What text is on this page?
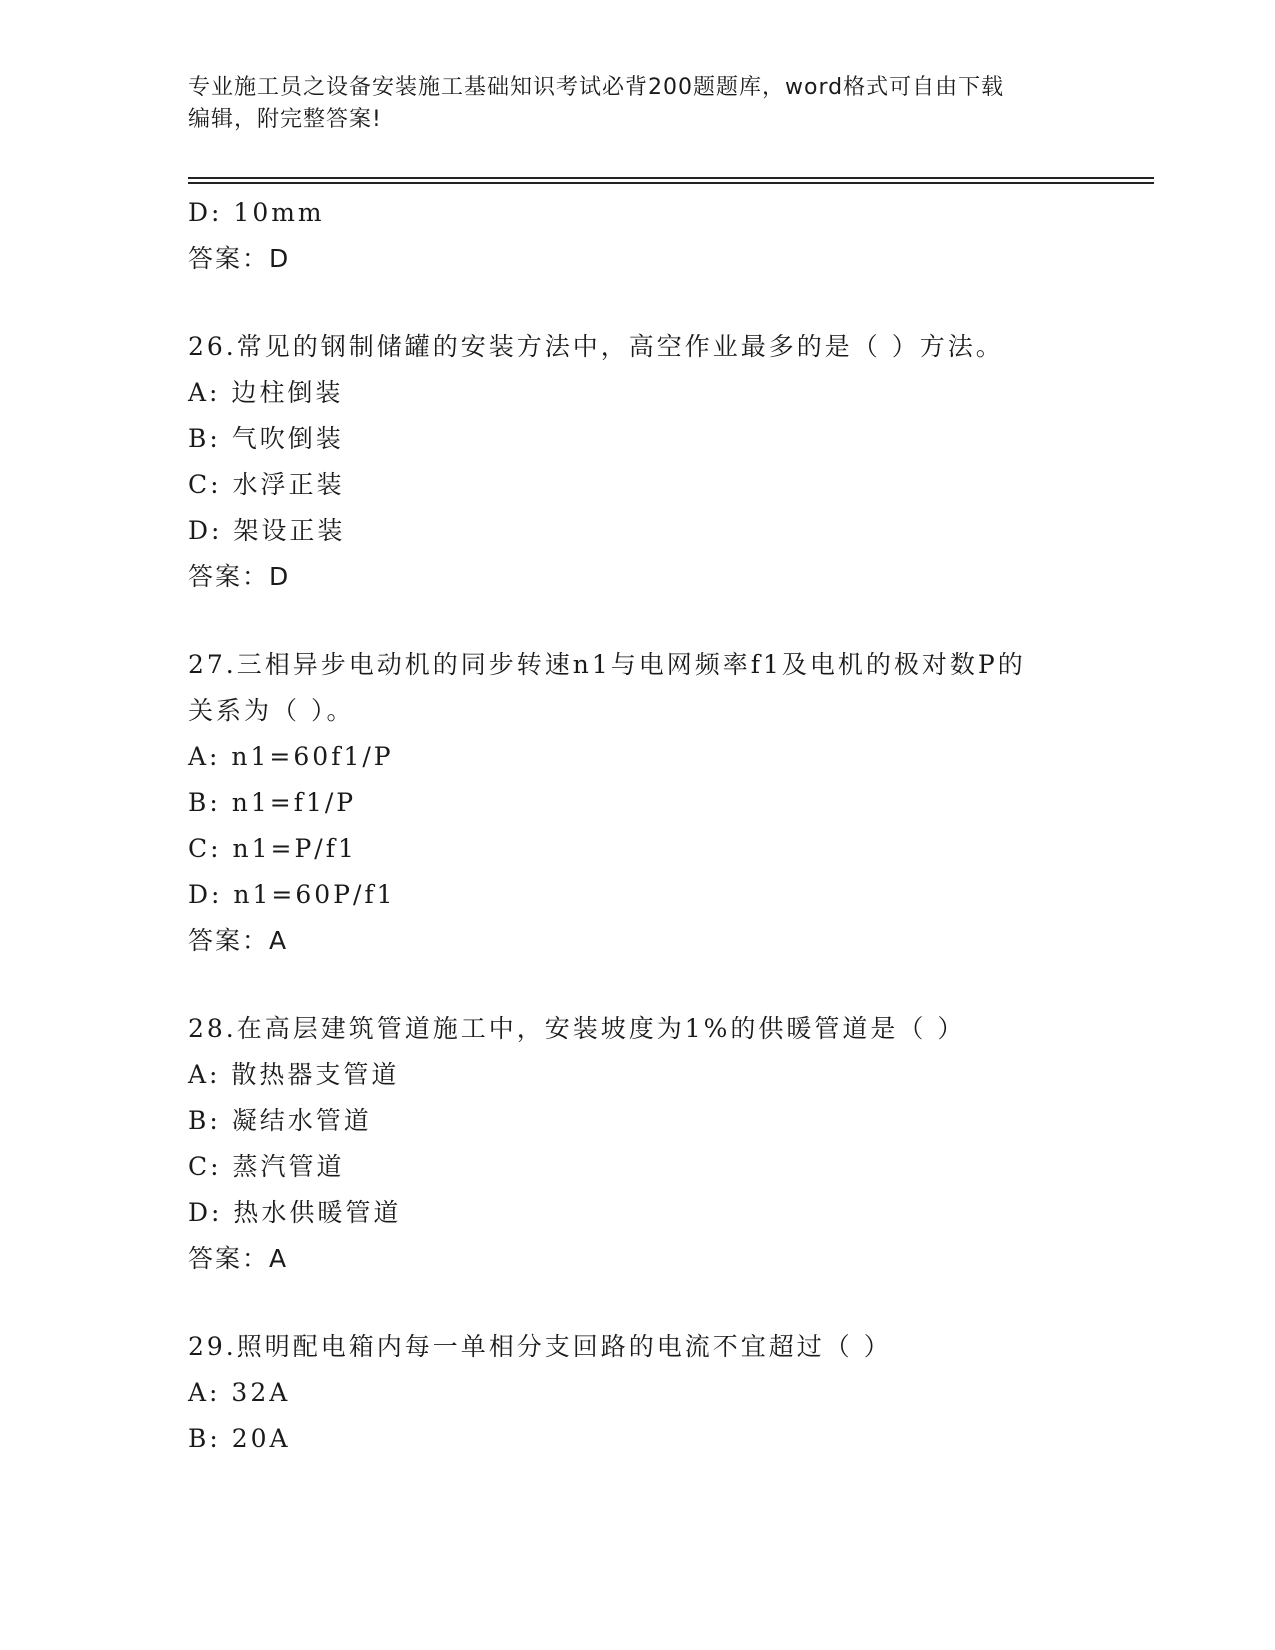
专业施工员之设备安装施工基础知识考试必背200题题库，word格式可自由下载
编辑，附完整答案!
D: 10mm
答案：D
26.常见的钢制储罐的安装方法中，高空作业最多的是（ ）方法。
A: 边柱倒装
B: 气吹倒装
C: 水浮正装
D: 架设正装
答案：D
27.三相异步电动机的同步转速n1与电网频率f1及电机的极对数P的
关系为（ ）。
A: n1=60f1/P
B: n1=f1/P
C: n1=P/f1
D: n1=60P/f1
答案：A
28.在高层建筑管道施工中，安装坡度为1%的供暖管道是（ ）
A: 散热器支管道
B: 凝结水管道
C: 蒸汽管道
D: 热水供暖管道
答案：A
29.照明配电箱内每一单相分支回路的电流不宜超过（ ）
A: 32A
B: 20A
